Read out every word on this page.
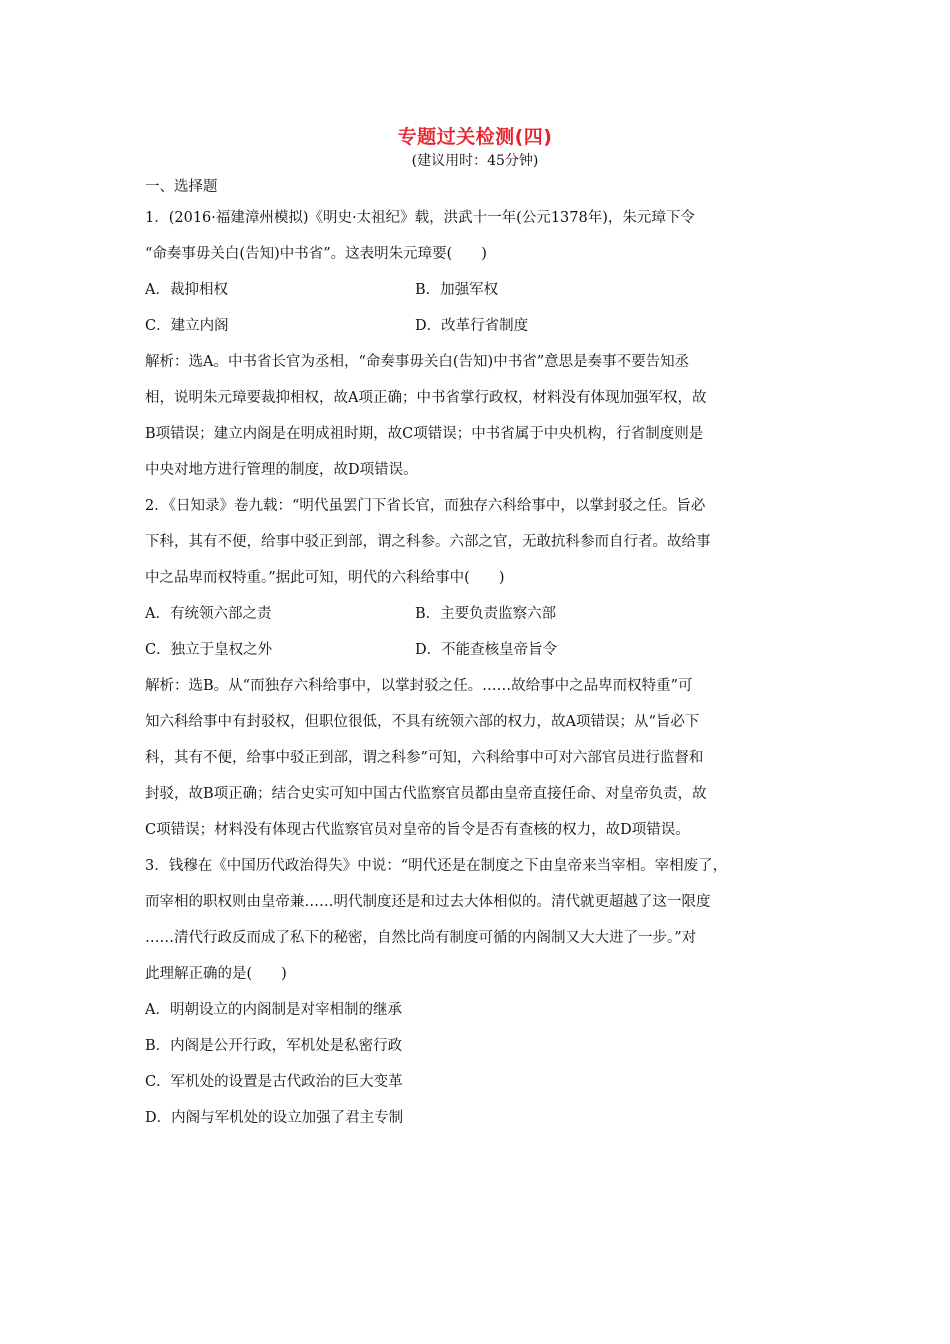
专题过关检测(四)
(建议用时：45分钟)
一、选择题
1．(2016·福建漳州模拟)《明史·太祖纪》载，洪武十一年(公元1378年)，朱元璋下令
“命奏事毋关白(告知)中书省”。这表明朱元璋要(　　)
A．裁抑相权	B．加强军权
C．建立内阁	D．改革行省制度
解析：选A。中书省长官为丞相，“命奏事毋关白(告知)中书省”意思是奏事不要告知丞
相，说明朱元璋要裁抑相权，故A项正确；中书省掌行政权，材料没有体现加强军权，故
B项错误；建立内阁是在明成祖时期，故C项错误；中书省属于中央机构，行省制度则是
中央对地方进行管理的制度，故D项错误。
2．《日知录》卷九载：“明代虽罢门下省长官，而独存六科给事中，以掌封驳之任。旨必
下科，其有不便，给事中驳正到部，谓之科参。六部之官，无敢抗科参而自行者。故给事
中之品卑而权特重。”据此可知，明代的六科给事中(　　)
A．有统领六部之责	B．主要负责监察六部
C．独立于皇权之外	D．不能查核皇帝旨令
解析：选B。从“而独存六科给事中，以掌封驳之任。……故给事中之品卑而权特重”可
知六科给事中有封驳权，但职位很低，不具有统领六部的权力，故A项错误；从“旨必下
科，其有不便，给事中驳正到部，谓之科参”可知，六科给事中可对六部官员进行监督和
封驳，故B项正确；结合史实可知中国古代监察官员都由皇帝直接任命、对皇帝负责，故
C项错误；材料没有体现古代监察官员对皇帝的旨令是否有查核的权力，故D项错误。
3．钱穆在《中国历代政治得失》中说：“明代还是在制度之下由皇帝来当宰相。宰相废了，
而宰相的职权则由皇帝兼……明代制度还是和过去大体相似的。清代就更超越了这一限度
……清代行政反而成了私下的秘密，自然比尚有制度可循的内阁制又大大进了一步。”对
此理解正确的是(　　)
A．明朝设立的内阁制是对宰相制的继承
B．内阁是公开行政，军机处是私密行政
C．军机处的设置是古代政治的巨大变革
D．内阁与军机处的设立加强了君主专制
